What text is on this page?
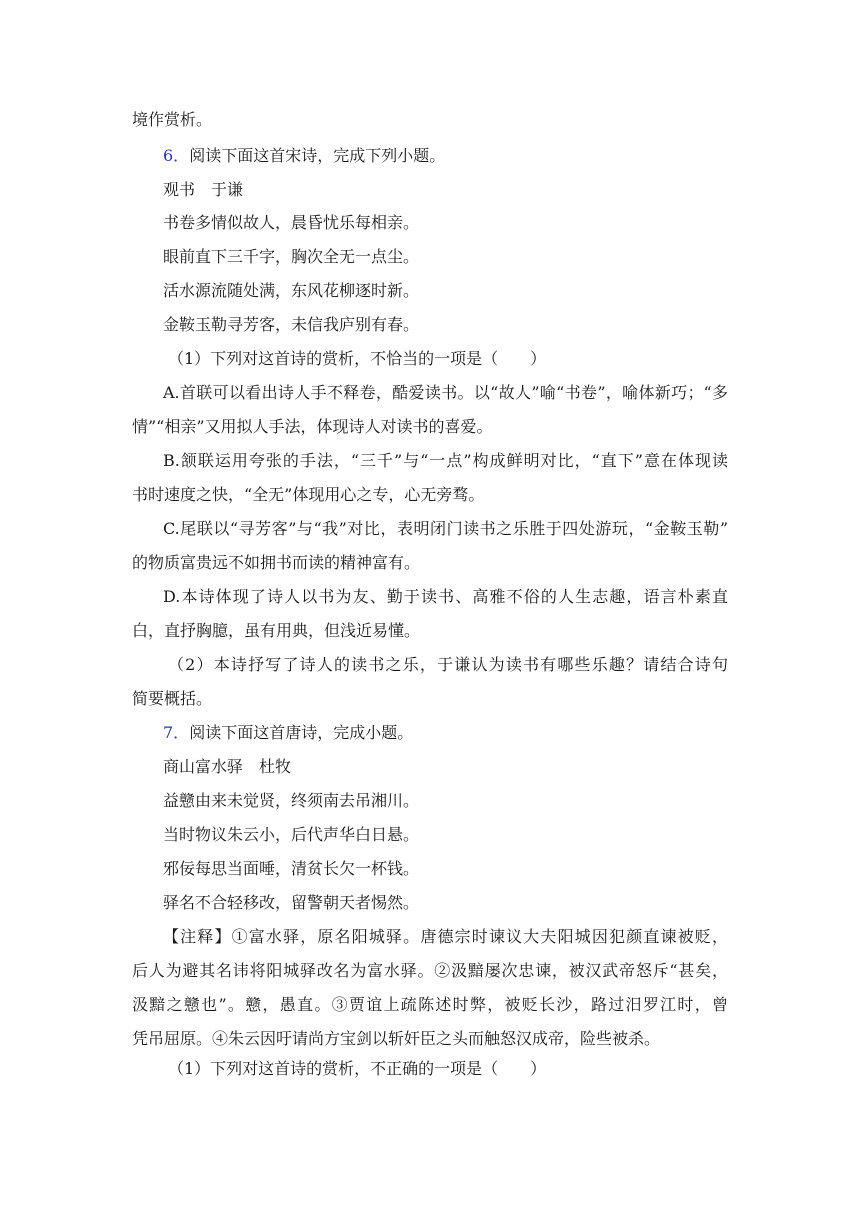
境作赏析。
6．阅读下面这首宋诗，完成下列小题。
观书　于谦
书卷多情似故人，晨昏忧乐每相亲。
眼前直下三千字，胸次全无一点尘。
活水源流随处满，东风花柳逐时新。
金鞍玉勒寻芳客，未信我庐别有春。
（1）下列对这首诗的赏析，不恰当的一项是（　　）
A.首联可以看出诗人手不释卷，酷爱读书。以“故人”喻“书卷”，喻体新巧；“多
情”“相亲”又用拟人手法，体现诗人对读书的喜爱。
B.颔联运用夸张的手法，“三千”与“一点”构成鲜明对比，“直下”意在体现读
书时速度之快，“全无”体现用心之专，心无旁骛。
C.尾联以“寻芳客”与“我”对比，表明闭门读书之乐胜于四处游玩，“金鞍玉勒”
的物质富贵远不如拥书而读的精神富有。
D.本诗体现了诗人以书为友、勤于读书、高雅不俗的人生志趣，语言朴素直
白，直抒胸臆，虽有用典，但浅近易懂。
（2）本诗抒写了诗人的读书之乐，于谦认为读书有哪些乐趣？请结合诗句
简要概括。
7．阅读下面这首唐诗，完成小题。
商山富水驿　杜牧
益戆由来未觉贤，终须南去吊湘川。
当时物议朱云小，后代声华白日悬。
邪佞每思当面唾，清贫长欠一杯钱。
驿名不合轻移改，留警朝天者惕然。
【注释】①富水驿，原名阳城驿。唐德宗时谏议大夫阳城因犯颜直谏被贬，
后人为避其名讳将阳城驿改名为富水驿。②汲黯屡次忠谏，被汉武帝怒斥“甚矣，
汲黯之戆也”。戆，愚直。③贾谊上疏陈述时弊，被贬长沙，路过汨罗江时，曾
凭吊屈原。④朱云因吁请尚方宝剑以斩奸臣之头而触怒汉成帝，险些被杀。
（1）下列对这首诗的赏析，不正确的一项是（　　）
